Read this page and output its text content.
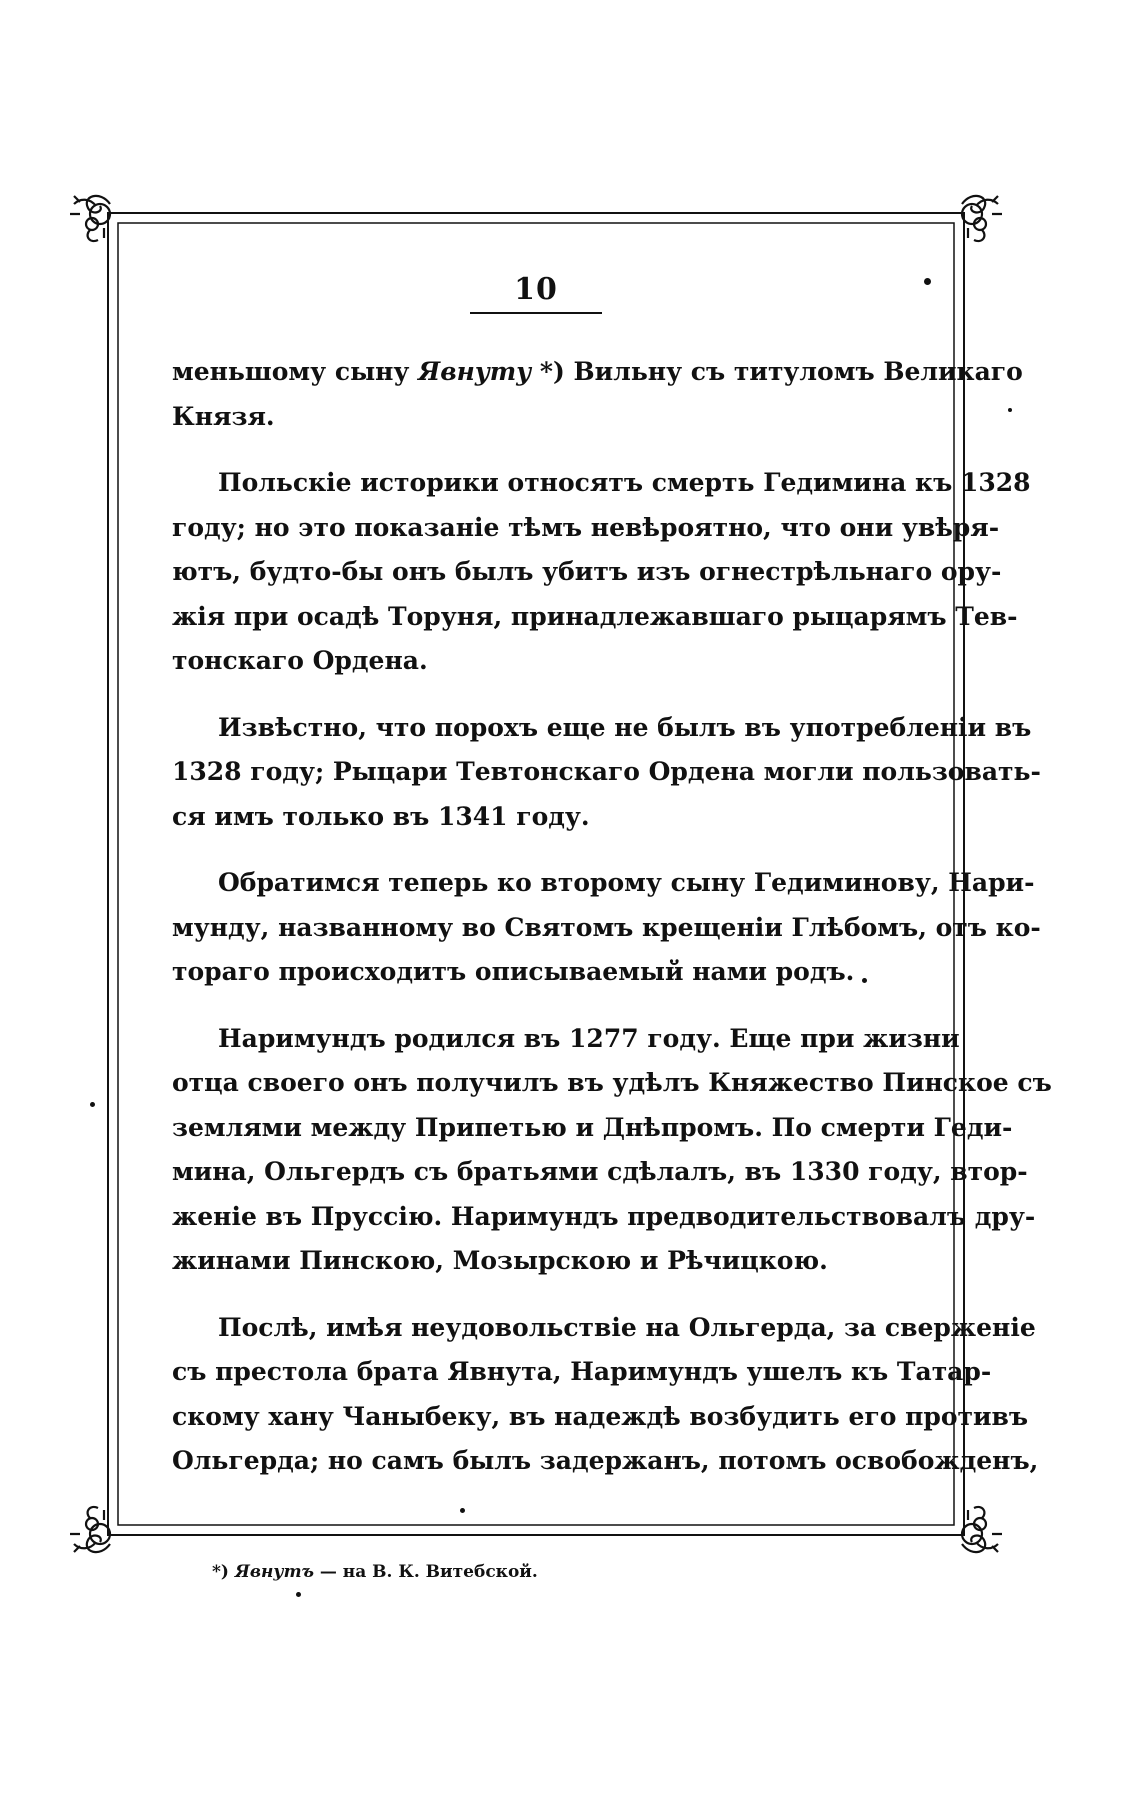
10
меньшому сыну Явнуту *) Вильну съ титуломъ Великаго
Князя.
Польскіе историки относятъ смерть Гедимина къ 1328
году; но это показаніе тѣмъ невѣроятно, что они увѣря-
ютъ, будто-бы онъ былъ убитъ изъ огнестрѣльнаго ору-
жія при осадѣ Торуня, принадлежавшаго рыцарямъ Тев-
тонскаго Ордена.
Извѣстно, что порохъ еще не былъ въ употребленіи въ
1328 году; Рыцари Тевтонскаго Ордена могли пользовать-
ся имъ только въ 1341 году.
Обратимся теперь ко второму сыну Гедиминову, Нари-
мунду, названному во Святомъ крещеніи Глѣбомъ, отъ ко-
тораго происходитъ описываемый нами родъ.
Наримундъ родился въ 1277 году. Еще при жизни
отца своего онъ получилъ въ удѣлъ Княжество Пинское съ
землями между Припетью и Днѣпромъ. По смерти Геди-
мина, Ольгердъ съ братьями сдѣлалъ, въ 1330 году, втор-
женіе въ Пруссію. Наримундъ предводительствовалъ дру-
жинами Пинскою, Мозырскою и Рѣчицкою.
Послѣ, имѣя неудовольствіе на Ольгерда, за сверженіе
съ престола брата Явнута, Наримундъ ушелъ къ Татар-
скому хану Чаныбеку, въ надеждѣ возбудить его противъ
Ольгерда; но самъ былъ задержанъ, потомъ освобожденъ,
*) Явнутъ — на В. К. Витебской.
